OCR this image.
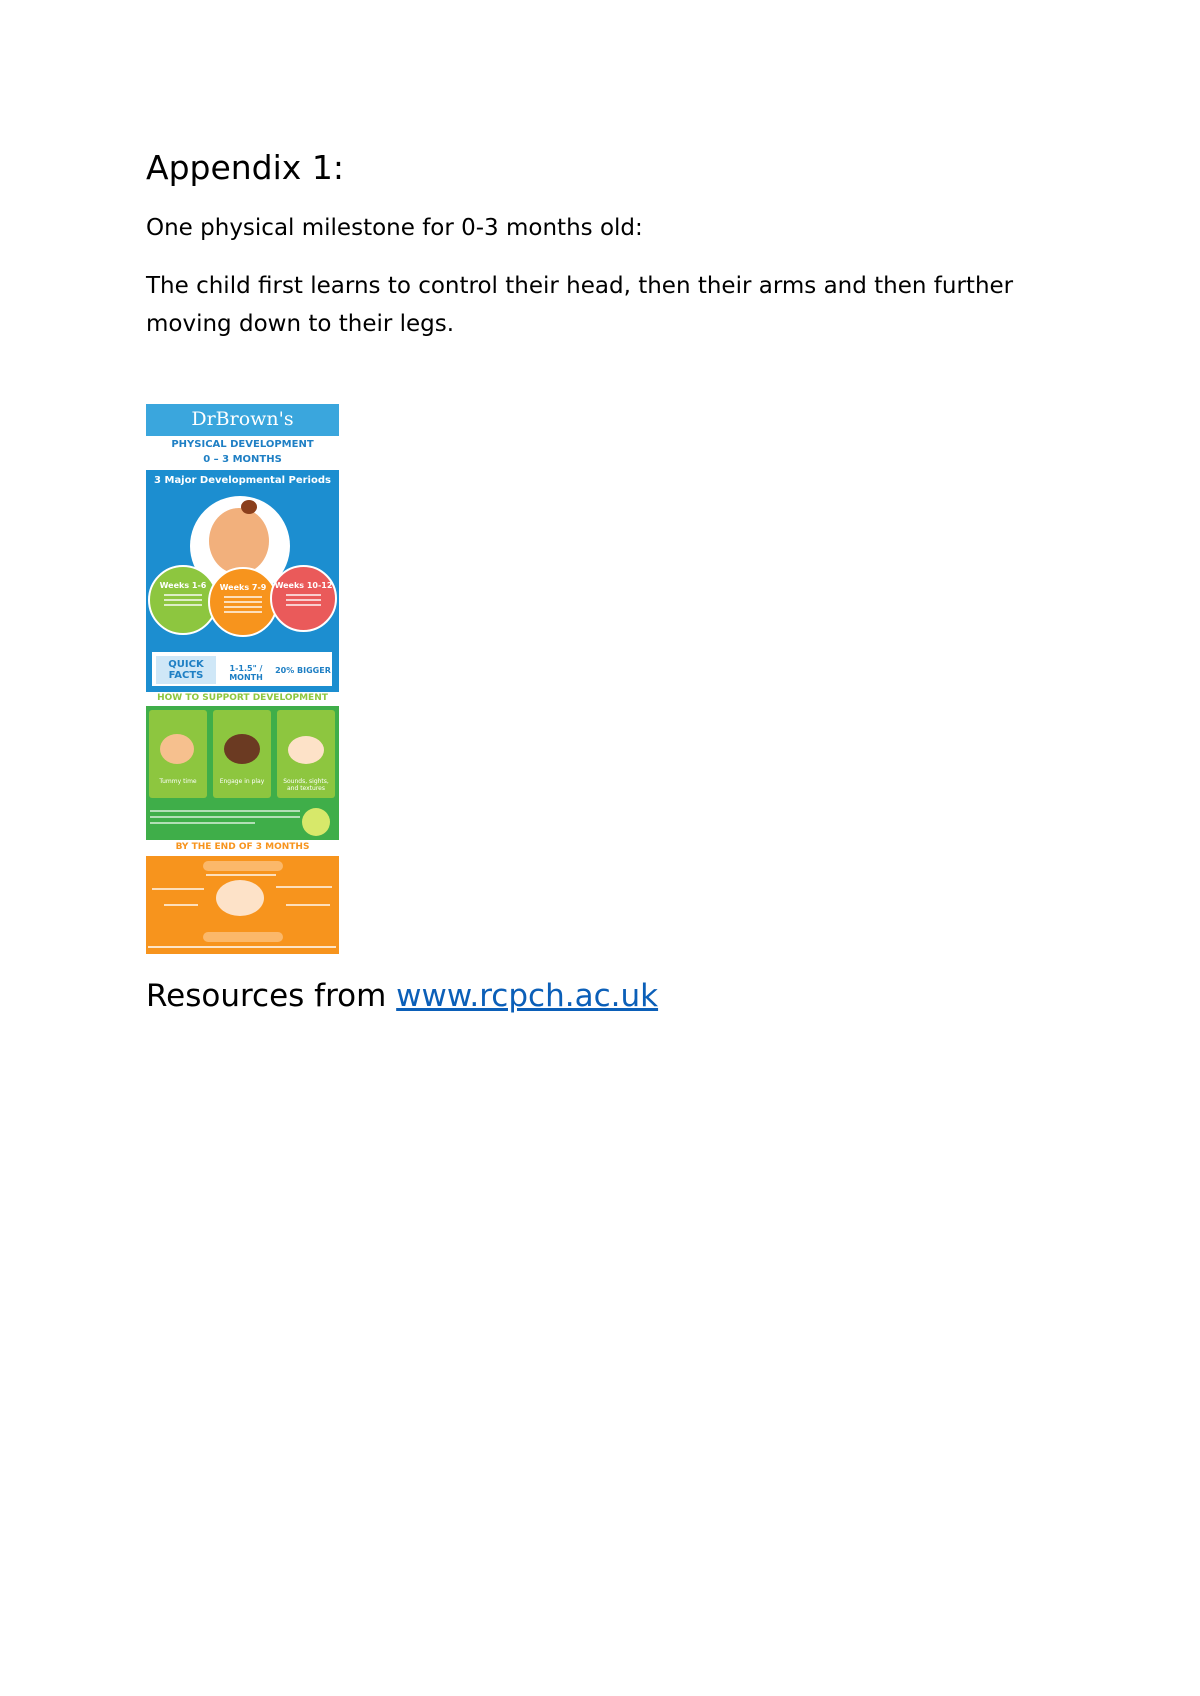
Appendix 1:
One physical milestone for 0-3 months old:
The child first learns to control their head, then their arms and then further moving down to their legs.
DrBrown's
PHYSICAL DEVELOPMENT
0 – 3 MONTHS
3 Major Developmental Periods
Weeks 1-6	Weeks 7-9	Weeks 10-12
QUICK FACTS
1-1.5" / MONTH
20% BIGGER
HOW TO SUPPORT DEVELOPMENT
Tummy time	Engage in play	Sounds, sights, and textures
BY THE END OF 3 MONTHS
Resources from www.rcpch.ac.uk
